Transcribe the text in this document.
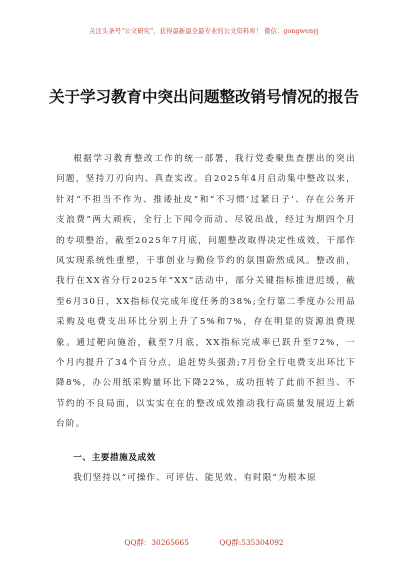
关注头条号“公文研究”，获得最新最全最专业的公文资料库！ 微信：gongwenyj
关于学习教育中突出问题整改销号情况的报告

根据学习教育整改工作的统一部署，我行党委聚焦查摆出的突出问题，坚持刀刃向内、真查实改。自2025年4月启动集中整改以来，针对“不担当不作为、推诿扯皮”和“不习惯‘过紧日子’、存在公务开支浪费”两大顽疾，全行上下闻令而动、尽锐出战，经过为期四个月的专项整治，截至2025年7月底，问题整改取得决定性成效，干部作风实现系统性重塑，干事创业与勤俭节约的氛围蔚然成风。整改前，我行在XX省分行2025年“XX”活动中，部分关键指标推进迟缓，截至6月30日，XX指标仅完成年度任务的38%;全行第二季度办公用品采购及电费支出环比分别上升了5%和7%，存在明显的资源浪费现象。通过靶向施治，截至7月底，XX指标完成率已跃升至72%，一个月内提升了34个百分点，追赶势头强劲;7月份全行电费支出环比下降8%，办公用纸采购量环比下降22%，成功扭转了此前不担当、不节约的不良局面，以实实在在的整改成效推动我行高质量发展迈上新台阶。

一、主要措施及成效
我们坚持以“可操作、可评估、能见效、有时限”为根本原
QQ群：30265665	QQ群:535304092
